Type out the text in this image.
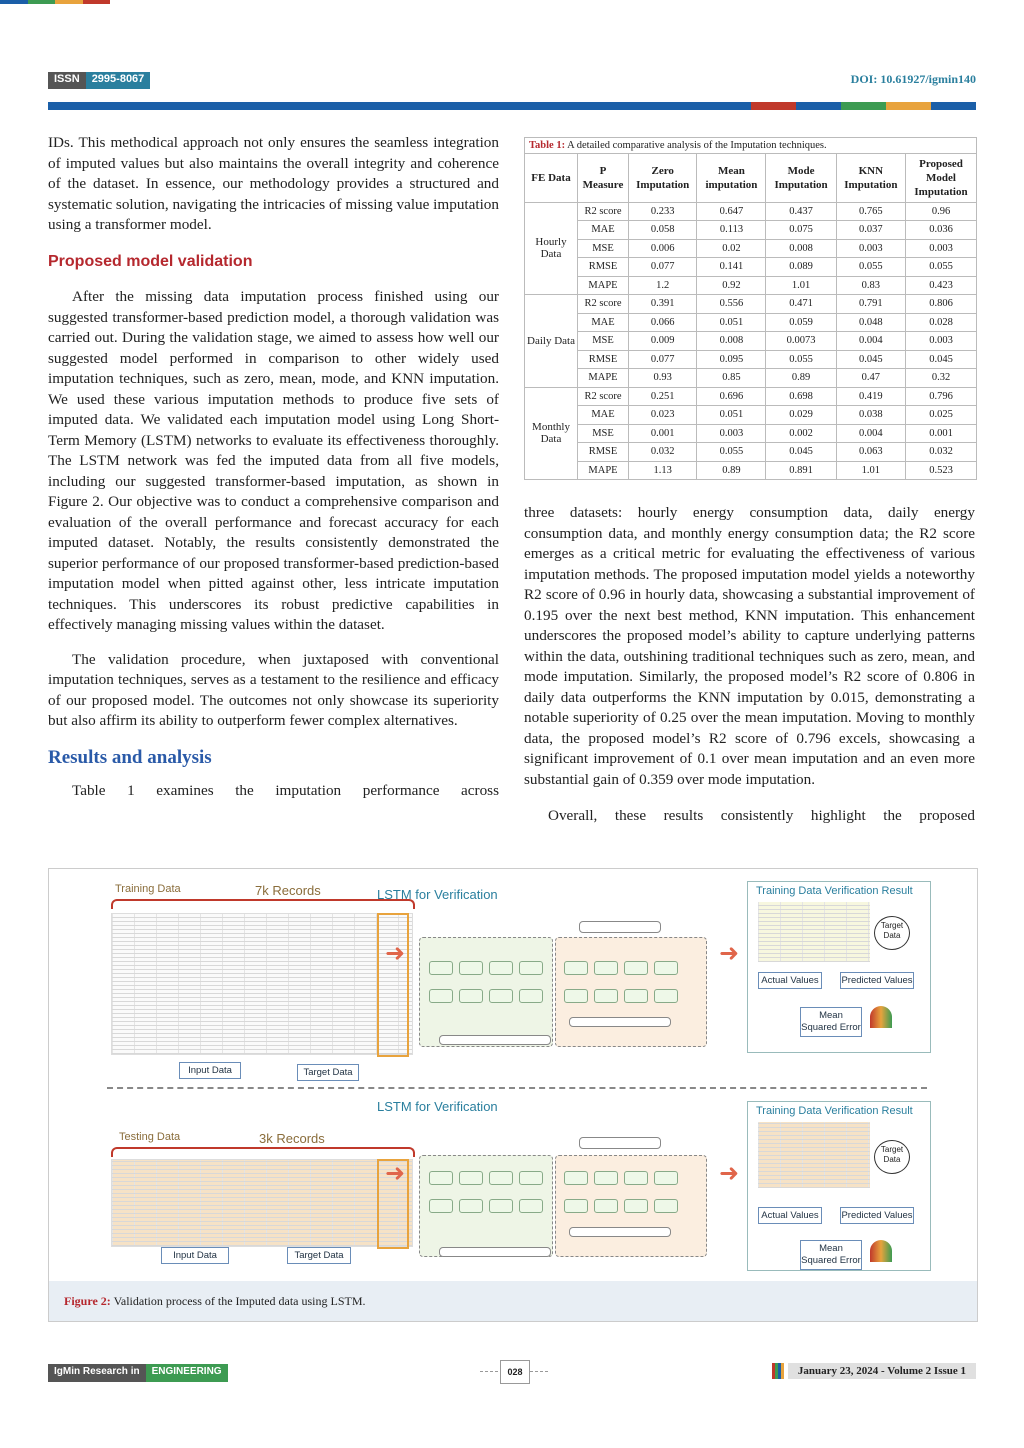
ISSN	2995-8067	DOI: 10.61927/igmin140

IDs. This methodical approach not only ensures the seamless integration of imputed values but also maintains the overall integrity and coherence of the dataset. In essence, our methodology provides a structured and systematic solution, navigating the intricacies of missing value imputation using a transformer model.

Proposed model validation

After the missing data imputation process finished using our suggested transformer-based prediction model, a thorough validation was carried out. During the validation stage, we aimed to assess how well our suggested model performed in comparison to other widely used imputation techniques, such as zero, mean, mode, and KNN imputation. We used these various imputation methods to produce five sets of imputed data. We validated each imputation model using Long Short-Term Memory (LSTM) networks to evaluate its effectiveness thoroughly. The LSTM network was fed the imputed data from all five models, including our suggested transformer-based imputation, as shown in Figure 2. Our objective was to conduct a comprehensive comparison and evaluation of the overall performance and forecast accuracy for each imputed dataset. Notably, the results consistently demonstrated the superior performance of our proposed transformer-based prediction-based imputation model when pitted against other, less intricate imputation techniques. This underscores its robust predictive capabilities in effectively managing missing values within the dataset.

The validation procedure, when juxtaposed with conventional imputation techniques, serves as a testament to the resilience and efficacy of our proposed model. The outcomes not only showcase its superiority but also affirm its ability to outperform fewer complex alternatives.

Results and analysis

Table 1 examines the imputation performance across

Table 1: A detailed comparative analysis of the Imputation techniques.
FE Data	P Measure	Zero Imputation	Mean imputation	Mode Imputation	KNN Imputation	Proposed Model Imputation
Hourly Data	R2 score	0.233	0.647	0.437	0.765	0.96
	MAE	0.058	0.113	0.075	0.037	0.036
	MSE	0.006	0.02	0.008	0.003	0.003
	RMSE	0.077	0.141	0.089	0.055	0.055
	MAPE	1.2	0.92	1.01	0.83	0.423
Daily Data	R2 score	0.391	0.556	0.471	0.791	0.806
	MAE	0.066	0.051	0.059	0.048	0.028
	MSE	0.009	0.008	0.0073	0.004	0.003
	RMSE	0.077	0.095	0.055	0.045	0.045
	MAPE	0.93	0.85	0.89	0.47	0.32
Monthly Data	R2 score	0.251	0.696	0.698	0.419	0.796
	MAE	0.023	0.051	0.029	0.038	0.025
	MSE	0.001	0.003	0.002	0.004	0.001
	RMSE	0.032	0.055	0.045	0.063	0.032
	MAPE	1.13	0.89	0.891	1.01	0.523

three datasets: hourly energy consumption data, daily energy consumption data, and monthly energy consumption data; the R2 score emerges as a critical metric for evaluating the effectiveness of various imputation methods. The proposed imputation model yields a noteworthy R2 score of 0.96 in hourly data, showcasing a substantial improvement of 0.195 over the next best method, KNN imputation. This enhancement underscores the proposed model’s ability to capture underlying patterns within the data, outshining traditional techniques such as zero, mean, and mode imputation. Similarly, the proposed model’s R2 score of 0.806 in daily data outperforms the KNN imputation by 0.015, demonstrating a notable superiority of 0.25 over the mean imputation. Moving to monthly data, the proposed model’s R2 score of 0.796 excels, showcasing a significant improvement of 0.1 over mean imputation and an even more substantial gain of 0.359 over mode imputation.

Overall, these results consistently highlight the proposed

Training Data	7k Records
Input Data	Target Data
➜
LSTM for Verification
➜
Training Data Verification Result
Target Data
Actual Values	Predicted Values
Mean Squared Error
Testing Data	3k Records
Input Data	Target Data
➜
LSTM for Verification
➜
Training Data Verification Result
Target Data
Actual Values	Predicted Values
Mean Squared Error
Figure 2: Validation process of the Imputed data using LSTM.
IgMin Research in	ENGINEERING	028	January 23, 2024 - Volume 2 Issue 1
